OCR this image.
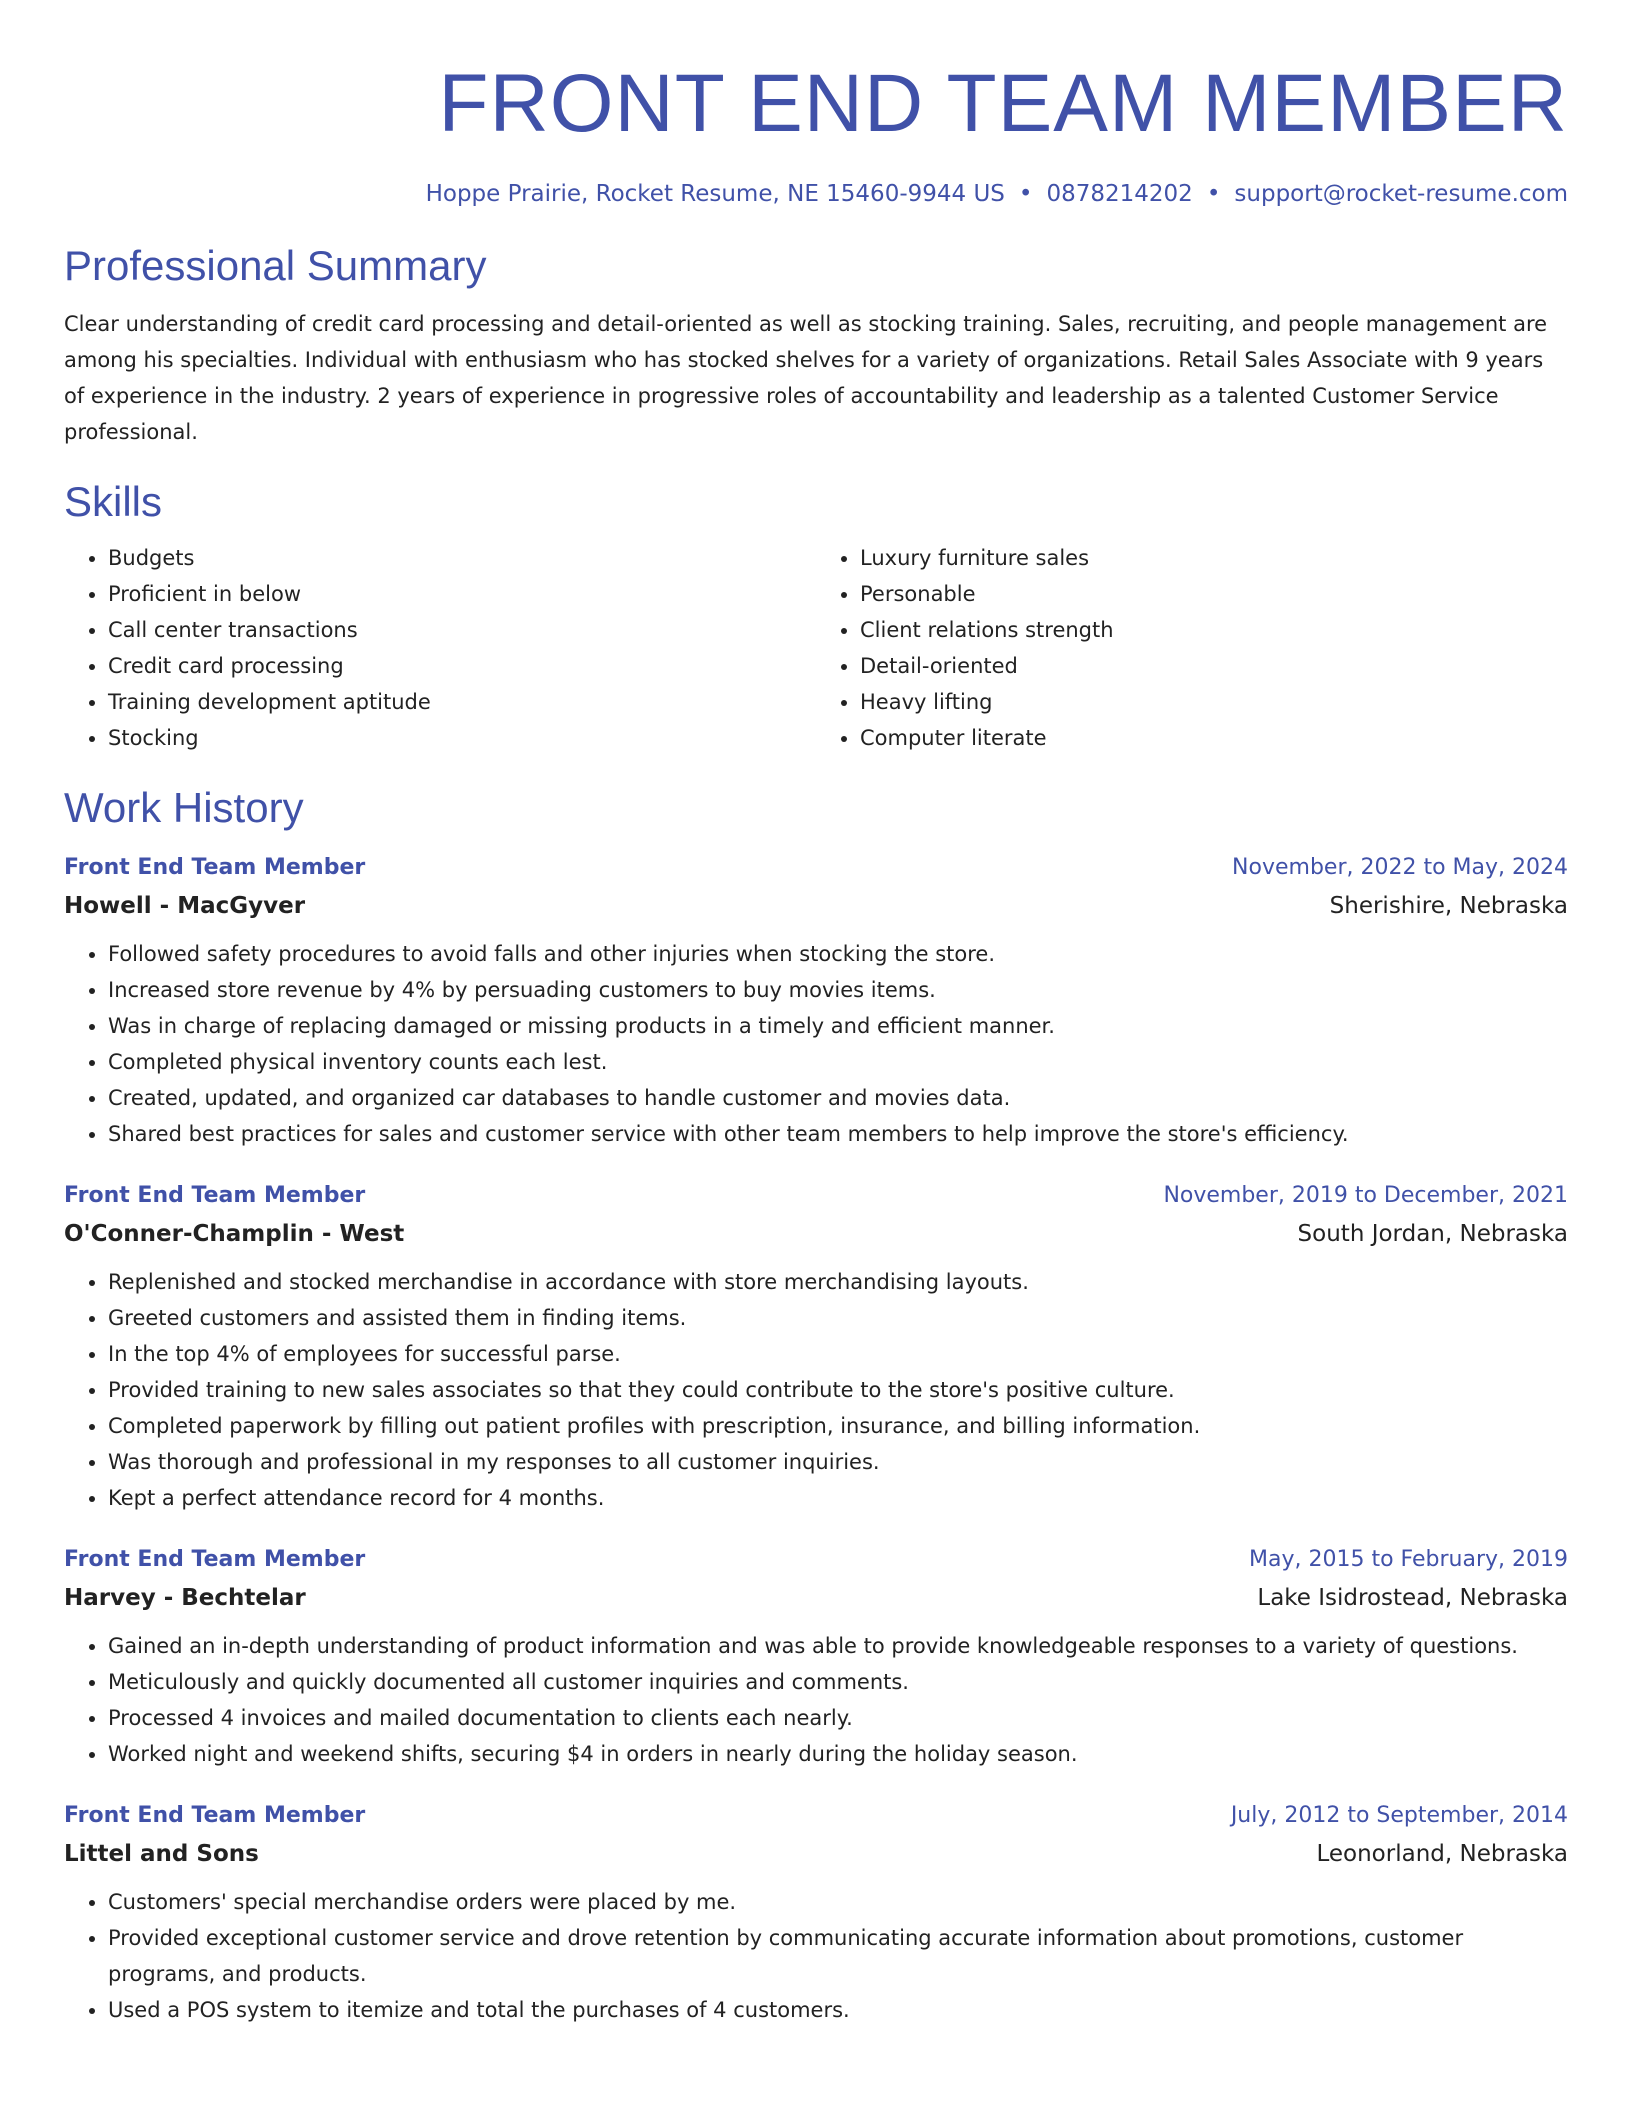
FRONT END TEAM MEMBER
Hoppe Prairie, Rocket Resume, NE 15460-9944 US • 0878214202 • support@rocket-resume.com
Professional Summary

Clear understanding of credit card processing and detail-oriented as well as stocking training. Sales, recruiting, and people management are among his specialties. Individual with enthusiasm who has stocked shelves for a variety of organizations. Retail Sales Associate with 9 years of experience in the industry. 2 years of experience in progressive roles of accountability and leadership as a talented Customer Service professional.

Skills
• Budgets
• Proficient in below
• Call center transactions
• Credit card processing
• Training development aptitude
• Stocking
• Luxury furniture sales
• Personable
• Client relations strength
• Detail-oriented
• Heavy lifting
• Computer literate
Work History
Front End Team Member	November, 2022 to May, 2024
Howell - MacGyver	Sherishire, Nebraska
• Followed safety procedures to avoid falls and other injuries when stocking the store.
• Increased store revenue by 4% by persuading customers to buy movies items.
• Was in charge of replacing damaged or missing products in a timely and efficient manner.
• Completed physical inventory counts each lest.
• Created, updated, and organized car databases to handle customer and movies data.
• Shared best practices for sales and customer service with other team members to help improve the store's efficiency.
Front End Team Member	November, 2019 to December, 2021
O'Conner-Champlin - West	South Jordan, Nebraska
• Replenished and stocked merchandise in accordance with store merchandising layouts.
• Greeted customers and assisted them in finding items.
• In the top 4% of employees for successful parse.
• Provided training to new sales associates so that they could contribute to the store's positive culture.
• Completed paperwork by filling out patient profiles with prescription, insurance, and billing information.
• Was thorough and professional in my responses to all customer inquiries.
• Kept a perfect attendance record for 4 months.
Front End Team Member	May, 2015 to February, 2019
Harvey - Bechtelar	Lake Isidrostead, Nebraska
• Gained an in-depth understanding of product information and was able to provide knowledgeable responses to a variety of questions.
• Meticulously and quickly documented all customer inquiries and comments.
• Processed 4 invoices and mailed documentation to clients each nearly.
• Worked night and weekend shifts, securing $4 in orders in nearly during the holiday season.
Front End Team Member	July, 2012 to September, 2014
Littel and Sons	Leonorland, Nebraska
• Customers' special merchandise orders were placed by me.
• Provided exceptional customer service and drove retention by communicating accurate information about promotions, customer programs, and products.
• Used a POS system to itemize and total the purchases of 4 customers.
